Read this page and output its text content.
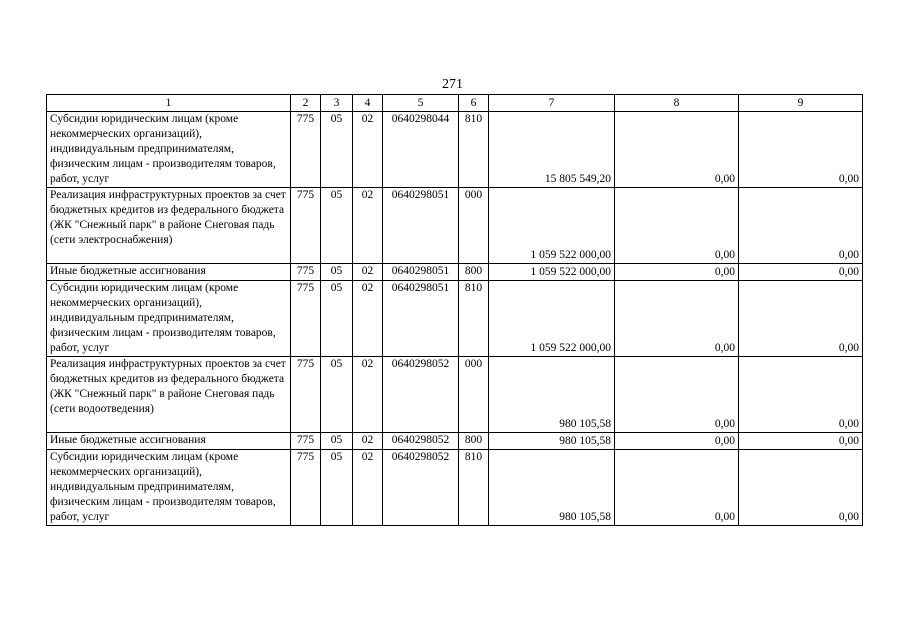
271
1	2	3	4	5	6	7	8	9
Субсидии юридическим лицам (кроме некоммерческих организаций), индивидуальным предпринимателям, физическим лицам - производителям товаров, работ, услуг	775	05	02	0640298044	810	15 805 549,20	0,00	0,00
Реализация инфраструктурных проектов за счет бюджетных кредитов из федерального бюджета (ЖК "Снежный парк" в районе Снеговая падь (сети электроснабжения)	775	05	02	0640298051	000	1 059 522 000,00	0,00	0,00
Иные бюджетные ассигнования	775	05	02	0640298051	800	1 059 522 000,00	0,00	0,00
Субсидии юридическим лицам (кроме некоммерческих организаций), индивидуальным предпринимателям, физическим лицам - производителям товаров, работ, услуг	775	05	02	0640298051	810	1 059 522 000,00	0,00	0,00
Реализация инфраструктурных проектов за счет бюджетных кредитов из федерального бюджета (ЖК "Снежный парк" в районе Снеговая падь (сети водоотведения)	775	05	02	0640298052	000	980 105,58	0,00	0,00
Иные бюджетные ассигнования	775	05	02	0640298052	800	980 105,58	0,00	0,00
Субсидии юридическим лицам (кроме некоммерческих организаций), индивидуальным предпринимателям, физическим лицам - производителям товаров, работ, услуг	775	05	02	0640298052	810	980 105,58	0,00	0,00
